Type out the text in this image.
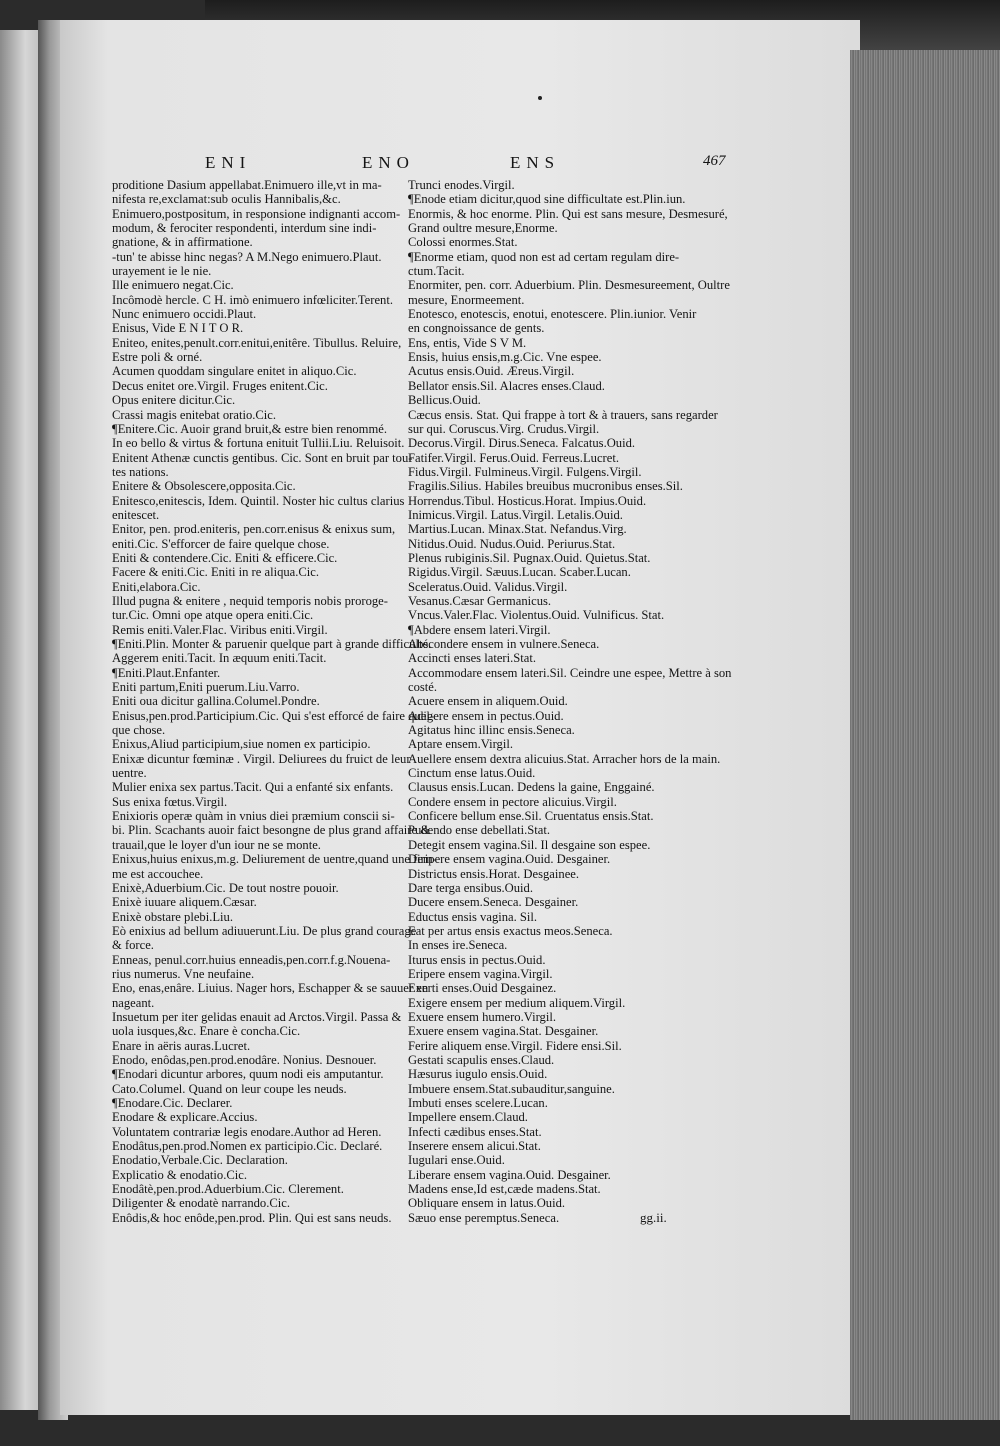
ENI	ENO	ENS	467
proditione Dasium appellabat.Enimuero ille,vt in ma-
nifesta re,exclamat:sub oculis Hannibalis,&c.
Enimuero,postpositum, in responsione indignanti accom-
modum, & ferociter respondenti, interdum sine indi-
gnatione, & in affirmatione.
-tun' te abisse hinc negas? A M.Nego enimuero.Plaut.
urayement ie le nie.
Ille enimuero negat.Cic.
Incômodè hercle. C H. imò enimuero infœliciter.Terent.
Nunc enimuero occidi.Plaut.
Enisus, Vide E N I T O R.
Eniteo, enites,penult.corr.enitui,enitêre. Tibullus. Reluire,
Estre poli & orné.
Acumen quoddam singulare enitet in aliquo.Cic.
Decus enitet ore.Virgil. Fruges enitent.Cic.
Opus enitere dicitur.Cic.
Crassi magis enitebat oratio.Cic.
¶Enitere.Cic. Auoir grand bruit,& estre bien renommé.
In eo bello & virtus & fortuna enituit Tullii.Liu. Reluisoit.
Enitent Athenæ cunctis gentibus. Cic. Sont en bruit par tou-
tes nations.
Enitere & Obsolescere,opposita.Cic.
Enitesco,enitescis, Idem. Quintil. Noster hic cultus clarius
enitescet.
Enitor, pen. prod.eniteris, pen.corr.enisus & enixus sum,
eniti.Cic. S'efforcer de faire quelque chose.
Eniti & contendere.Cic. Eniti & efficere.Cic.
Facere & eniti.Cic. Eniti in re aliqua.Cic.
Eniti,elabora.Cic.
Illud pugna & enitere , nequid temporis nobis proroge-
tur.Cic. Omni ope atque opera eniti.Cic.
Remis eniti.Valer.Flac. Viribus eniti.Virgil.
¶Eniti.Plin. Monter & paruenir quelque part à grande difficulté.
Aggerem eniti.Tacit. In æquum eniti.Tacit.
¶Eniti.Plaut.Enfanter.
Eniti partum,Eniti puerum.Liu.Varro.
Eniti oua dicitur gallina.Columel.Pondre.
Enisus,pen.prod.Participium.Cic. Qui s'est efforcé de faire quel-
que chose.
Enixus,Aliud participium,siue nomen ex participio.
Enixæ dicuntur fœminæ . Virgil. Deliurees du fruict de leur
uentre.
Mulier enixa sex partus.Tacit. Qui a enfanté six enfants.
Sus enixa fœtus.Virgil.
Enixioris operæ quàm in vnius diei præmium conscii si-
bi. Plin. Scachants auoir faict besongne de plus grand affaire &
trauail,que le loyer d'un iour ne se monte.
Enixus,huius enixus,m.g. Deliurement de uentre,quand une fem-
me est accouchee.
Enixè,Aduerbium.Cic. De tout nostre pouoir.
Enixè iuuare aliquem.Cæsar.
Enixè obstare plebi.Liu.
Eò enixius ad bellum adiuuerunt.Liu. De plus grand courage
& force.
Enneas, penul.corr.huius enneadis,pen.corr.f.g.Nouena-
rius numerus. Vne neufaine.
Eno, enas,enâre. Liuius. Nager hors, Eschapper & se sauuer en
nageant.
Insuetum per iter gelidas enauit ad Arctos.Virgil. Passa &
uola iusques,&c. Enare è concha.Cic.
Enare in aëris auras.Lucret.
Enodo, enôdas,pen.prod.enodâre. Nonius. Desnouer.
¶Enodari dicuntur arbores, quum nodi eis amputantur.
Cato.Columel. Quand on leur coupe les neuds.
¶Enodare.Cic. Declarer.
Enodare & explicare.Accius.
Voluntatem contrariæ legis enodare.Author ad Heren.
Enodâtus,pen.prod.Nomen ex participio.Cic. Declaré.
Enodatio,Verbale.Cic. Declaration.
Explicatio & enodatio.Cic.
Enodâtè,pen.prod.Aduerbium.Cic. Clerement.
Diligenter & enodatè narrando.Cic.
Enôdis,& hoc enôde,pen.prod. Plin. Qui est sans neuds.
Trunci enodes.Virgil.
¶Enode etiam dicitur,quod sine difficultate est.Plin.iun.
Enormis, & hoc enorme. Plin. Qui est sans mesure, Desmesuré,
Grand oultre mesure,Enorme.
Colossi enormes.Stat.
¶Enorme etiam, quod non est ad certam regulam dire-
ctum.Tacit.
Enormiter, pen. corr. Aduerbium. Plin. Desmesureement, Oultre
mesure, Enormeement.
Enotesco, enotescis, enotui, enotescere. Plin.iunior. Venir
en congnoissance de gents.
Ens, entis, Vide S V M.
Ensis, huius ensis,m.g.Cic. Vne espee.
Acutus ensis.Ouid. Æreus.Virgil.
Bellator ensis.Sil. Alacres enses.Claud.
Bellicus.Ouid.
Cæcus ensis. Stat. Qui frappe à tort & à trauers, sans regarder
sur qui. Coruscus.Virg. Crudus.Virgil.
Decorus.Virgil. Dirus.Seneca. Falcatus.Ouid.
Fatifer.Virgil. Ferus.Ouid. Ferreus.Lucret.
Fidus.Virgil. Fulmineus.Virgil. Fulgens.Virgil.
Fragilis.Silius. Habiles breuibus mucronibus enses.Sil.
Horrendus.Tibul. Hosticus.Horat. Impius.Ouid.
Inimicus.Virgil. Latus.Virgil. Letalis.Ouid.
Martius.Lucan. Minax.Stat. Nefandus.Virg.
Nitidus.Ouid. Nudus.Ouid. Periurus.Stat.
Plenus rubiginis.Sil. Pugnax.Ouid. Quietus.Stat.
Rigidus.Virgil. Sæuus.Lucan. Scaber.Lucan.
Sceleratus.Ouid. Validus.Virgil.
Vesanus.Cæsar Germanicus.
Vncus.Valer.Flac. Violentus.Ouid. Vulnificus. Stat.
¶Abdere ensem lateri.Virgil.
Abscondere ensem in vulnere.Seneca.
Accincti enses lateri.Stat.
Accommodare ensem lateri.Sil. Ceindre une espee, Mettre à son
costé.
Acuere ensem in aliquem.Ouid.
Adigere ensem in pectus.Ouid.
Agitatus hinc illinc ensis.Seneca.
Aptare ensem.Virgil.
Auellere ensem dextra alicuius.Stat. Arracher hors de la main.
Cinctum ense latus.Ouid.
Clausus ensis.Lucan. Dedens la gaine, Enggainé.
Condere ensem in pectore alicuius.Virgil.
Conficere bellum ense.Sil. Cruentatus ensis.Stat.
Pudendo ense debellati.Stat.
Detegit ensem vagina.Sil. Il desgaine son espee.
Diripere ensem vagina.Ouid. Desgainer.
Districtus ensis.Horat. Desgainee.
Dare terga ensibus.Ouid.
Ducere ensem.Seneca. Desgainer.
Eductus ensis vagina. Sil.
Eat per artus ensis exactus meos.Seneca.
In enses ire.Seneca.
Iturus ensis in pectus.Ouid.
Eripere ensem vagina.Virgil.
Exerti enses.Ouid Desgainez.
Exigere ensem per medium aliquem.Virgil.
Exuere ensem humero.Virgil.
Exuere ensem vagina.Stat. Desgainer.
Ferire aliquem ense.Virgil. Fidere ensi.Sil.
Gestati scapulis enses.Claud.
Hæsurus iugulo ensis.Ouid.
Imbuere ensem.Stat.subauditur,sanguine.
Imbuti enses scelere.Lucan.
Impellere ensem.Claud.
Infecti cædibus enses.Stat.
Inserere ensem alicui.Stat.
Iugulari ense.Ouid.
Liberare ensem vagina.Ouid. Desgainer.
Madens ense,Id est,cæde madens.Stat.
Obliquare ensem in latus.Ouid.
Sæuo ense peremptus.Seneca.	gg.ii.
